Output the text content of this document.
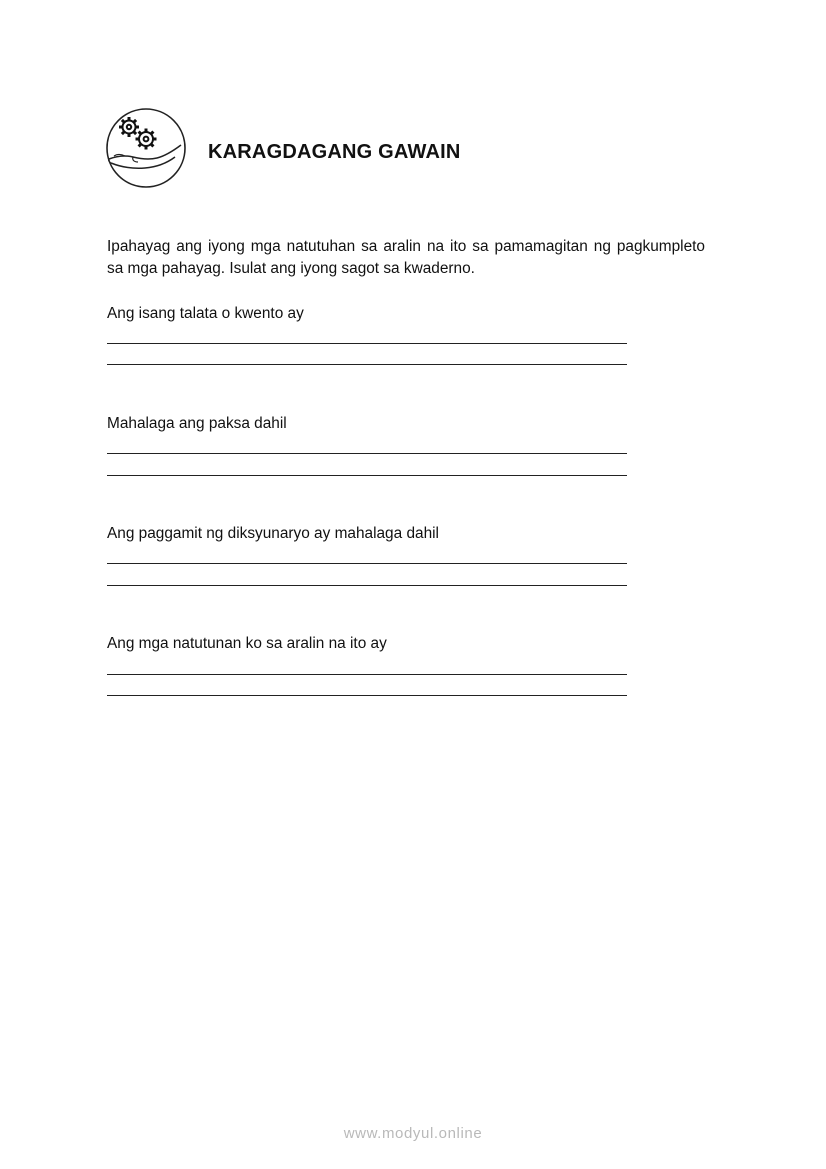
KARAGDAGANG GAWAIN
Ipahayag ang iyong mga natutuhan sa aralin na ito sa pamamagitan ng pagkumpleto sa mga pahayag. Isulat ang iyong sagot sa kwaderno.
Ang isang talata o kwento ay
Mahalaga ang paksa dahil
Ang paggamit ng diksyunaryo ay mahalaga dahil
Ang mga natutunan ko sa aralin na ito ay
www.modyul.online
